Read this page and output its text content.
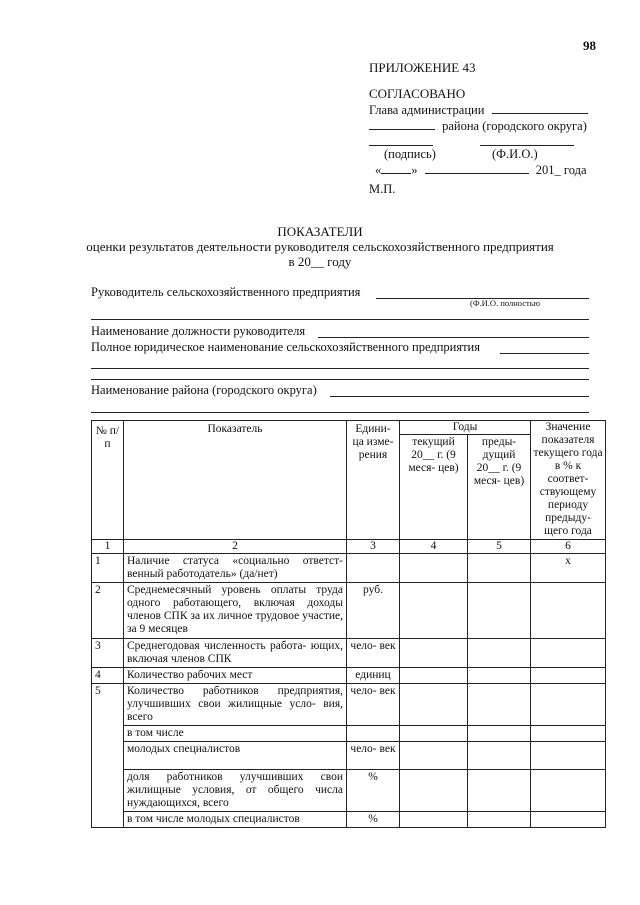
98
ПРИЛОЖЕНИЕ 43
СОГЛАСОВАНО
Глава администрации
района (городского округа)
(подпись)	(Ф.И.О.)
« »	201_ года
М.П.
ПОКАЗАТЕЛИ
оценки результатов деятельности руководителя сельскохозяйственного предприятия
в 20__ году
Руководитель сельскохозяйственного предприятия
(Ф.И.О. полностью
Наименование должности руководителя
Полное юридическое наименование сельскохозяйственного предприятия
Наименование района (городского округа)
№ п/п	Показатель	Едини- ца изме- рения	Годы		Значение показателя текущего года в % к соответ- ствующему периоду предыду- щего года
			текущий 20__ г. (9 меся- цев)	преды- дущий 20__ г. (9 меся- цев)	
1	2	3	4	5	6
1	Наличие статуса «социально ответст- венный работодатель» (да/нет)				х
2	Среднемесячный уровень оплаты труда одного работающего, включая доходы членов СПК за их личное трудовое участие, за 9 месяцев	руб.			
3	Среднегодовая численность работа- ющих, включая членов СПК	чело- век			
4	Количество рабочих мест	единиц			
5	Количество работников предприятия, улучшивших свои жилищные усло- вия, всего	чело- век			
	в том числе				
	молодых специалистов	чело- век			
	доля работников улучшивших свои жилищные условия, от общего числа нуждающихся, всего	%			
	в том числе молодых специалистов	%			
